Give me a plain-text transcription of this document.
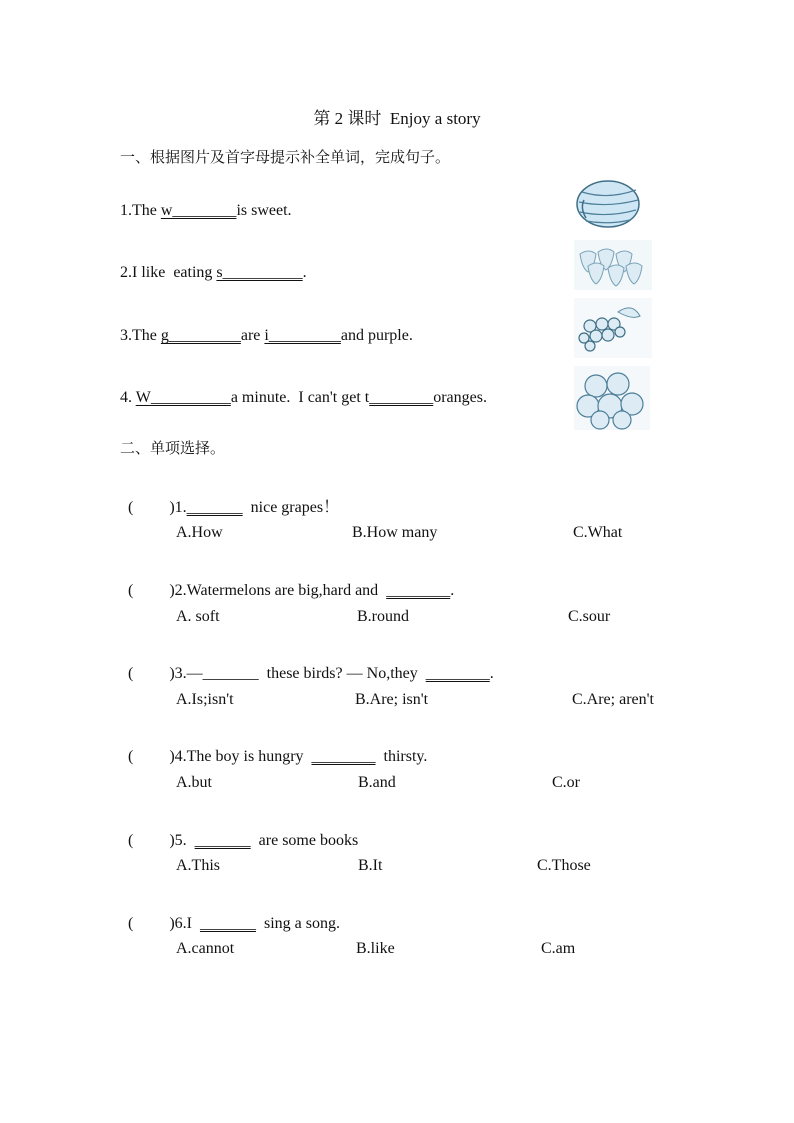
第 2 课时  Enjoy a story
一、根据图片及首字母提示补全单词，完成句子。
1.The w________is sweet.
2.I like  eating s__________.
3.The g_________are i_________and purple.
4. W__________a minute.  I can't get t________oranges.
二、单项选择。

( )1._______  nice grapes！

A.How	B.How many	C.What

( )2.Watermelons are big,hard and  ________.

A. soft	B.round	C.sour

( )3.—_______  these birds? — No,they  ________.

A.Is;isn't	B.Are; isn't	C.Are; aren't

( )4.The boy is hungry  ________  thirsty.

A.but	B.and	C.or

( )5.  _______  are some books

A.This	B.It	C.Those

( )6.I  _______  sing a song.

A.cannot	B.like	C.am
